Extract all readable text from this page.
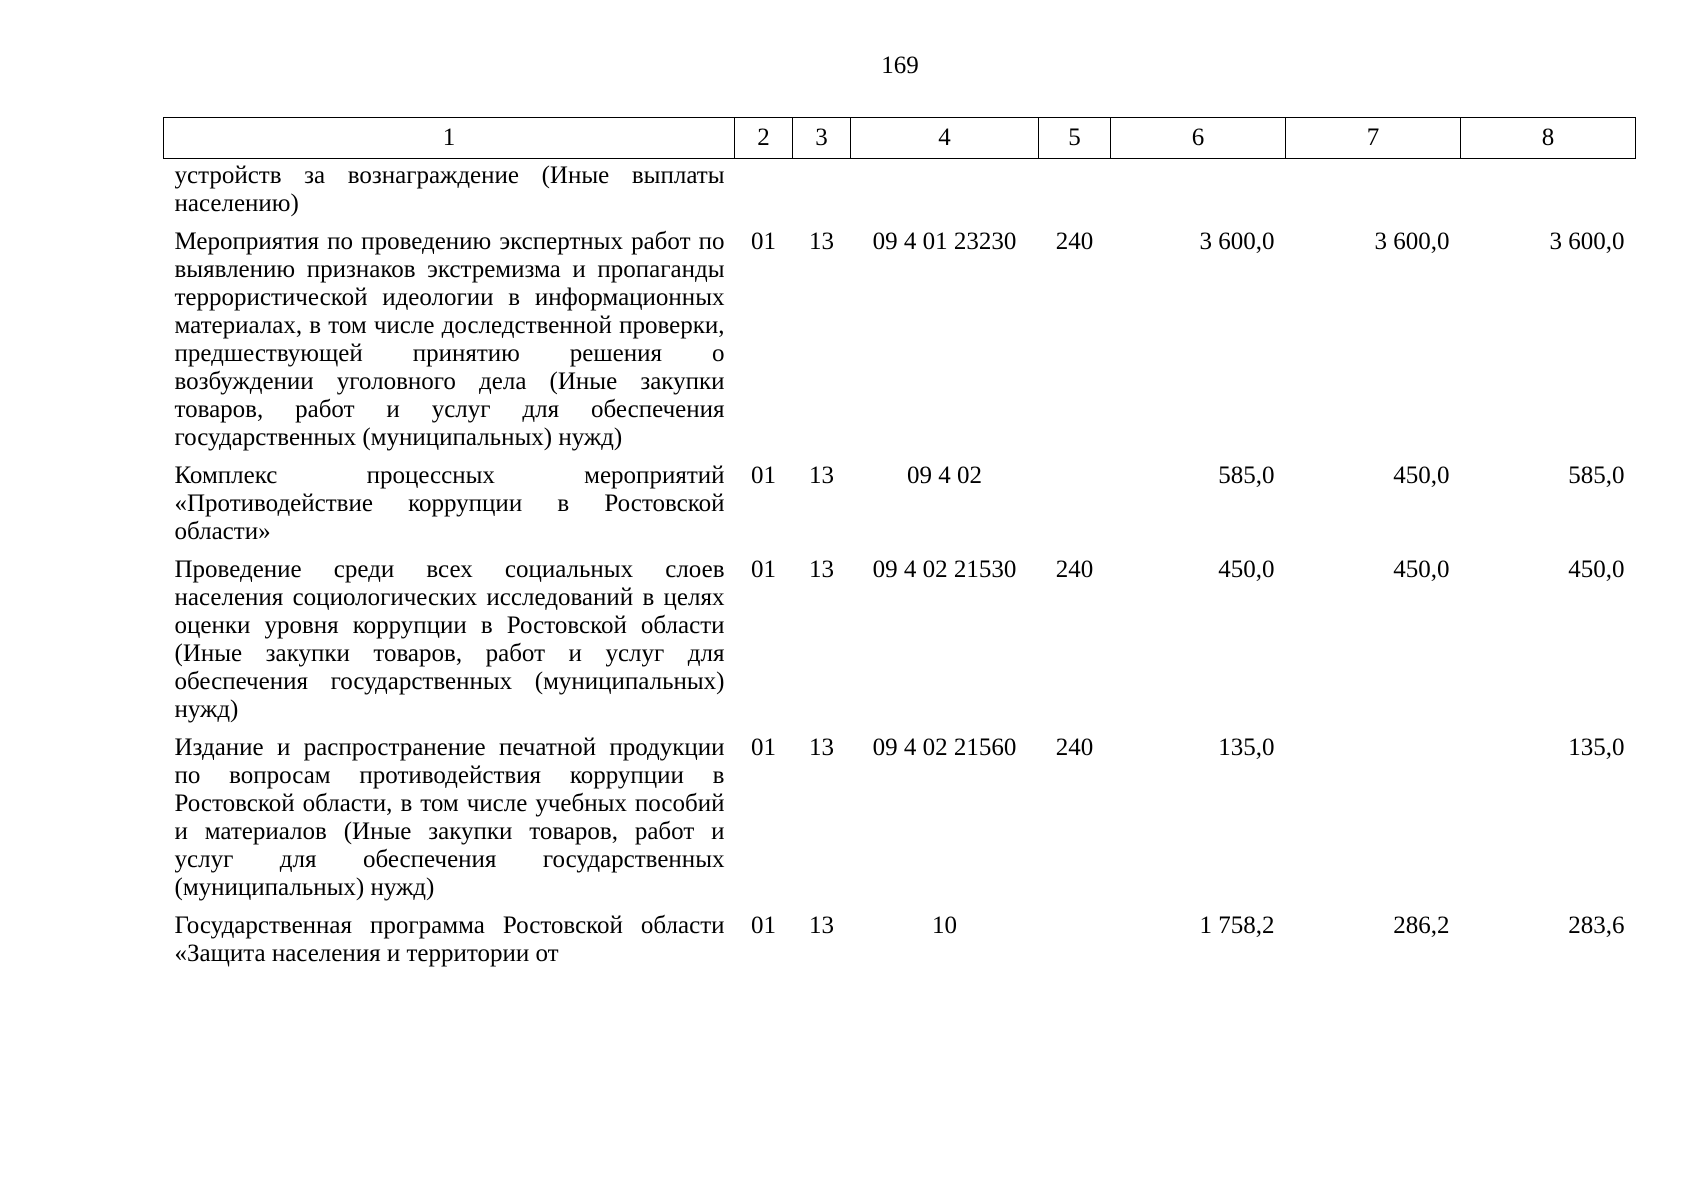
169
1	2	3	4	5	6	7	8
устройств за вознаграждение (Иные выплаты населению)							
Мероприятия по проведению экспертных работ по выявлению признаков экстремизма и пропаганды террористической идеологии в информационных материалах, в том числе доследственной проверки, предшествующей принятию решения о возбуждении уголовного дела (Иные закупки товаров, работ и услуг для обеспечения государственных (муниципальных) нужд)	01	13	09 4 01 23230	240	3 600,0	3 600,0	3 600,0
Комплекс процессных мероприятий «Противодействие коррупции в Ростовской области»	01	13	09 4 02		585,0	450,0	585,0
Проведение среди всех социальных слоев населения социологических исследований в целях оценки уровня коррупции в Ростовской области (Иные закупки товаров, работ и услуг для обеспечения государственных (муниципальных) нужд)	01	13	09 4 02 21530	240	450,0	450,0	450,0
Издание и распространение печатной продукции по вопросам противодействия коррупции в Ростовской области, в том числе учебных пособий и материалов (Иные закупки товаров, работ и услуг для обеспечения государственных (муниципальных) нужд)	01	13	09 4 02 21560	240	135,0		135,0
Государственная программа Ростовской области «Защита населения и территории от	01	13	10		1 758,2	286,2	283,6
